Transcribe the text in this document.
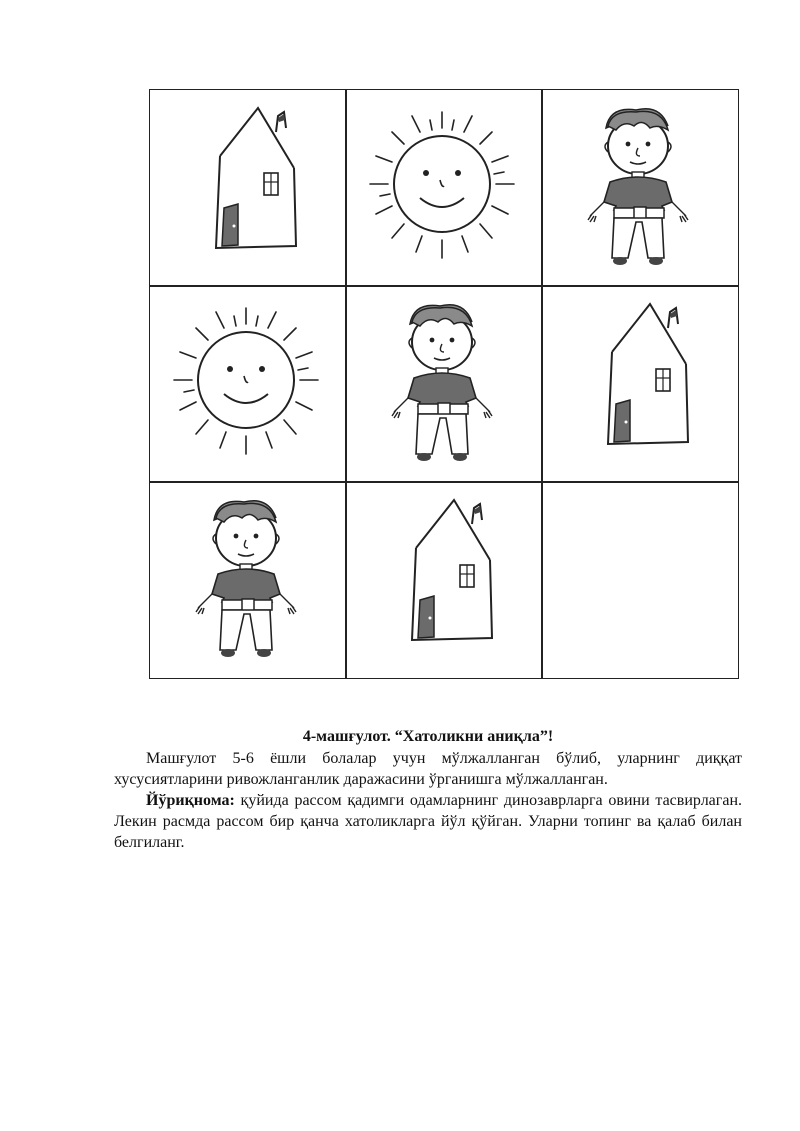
4-машғулот. “Хатоликни аниқла”!

Машғулот 5-6 ёшли болалар учун мўлжалланган бўлиб, уларнинг диққат хусусиятларини ривожланганлик даражасини ўрганишга мўлжалланган.

Йўриқнома: қуйида рассом қадимги одамларнинг динозаврларга овини тасвирлаган. Лекин расмда рассом бир қанча хатоликларга йўл қўйган. Уларни топинг ва қалаб билан белгиланг.
